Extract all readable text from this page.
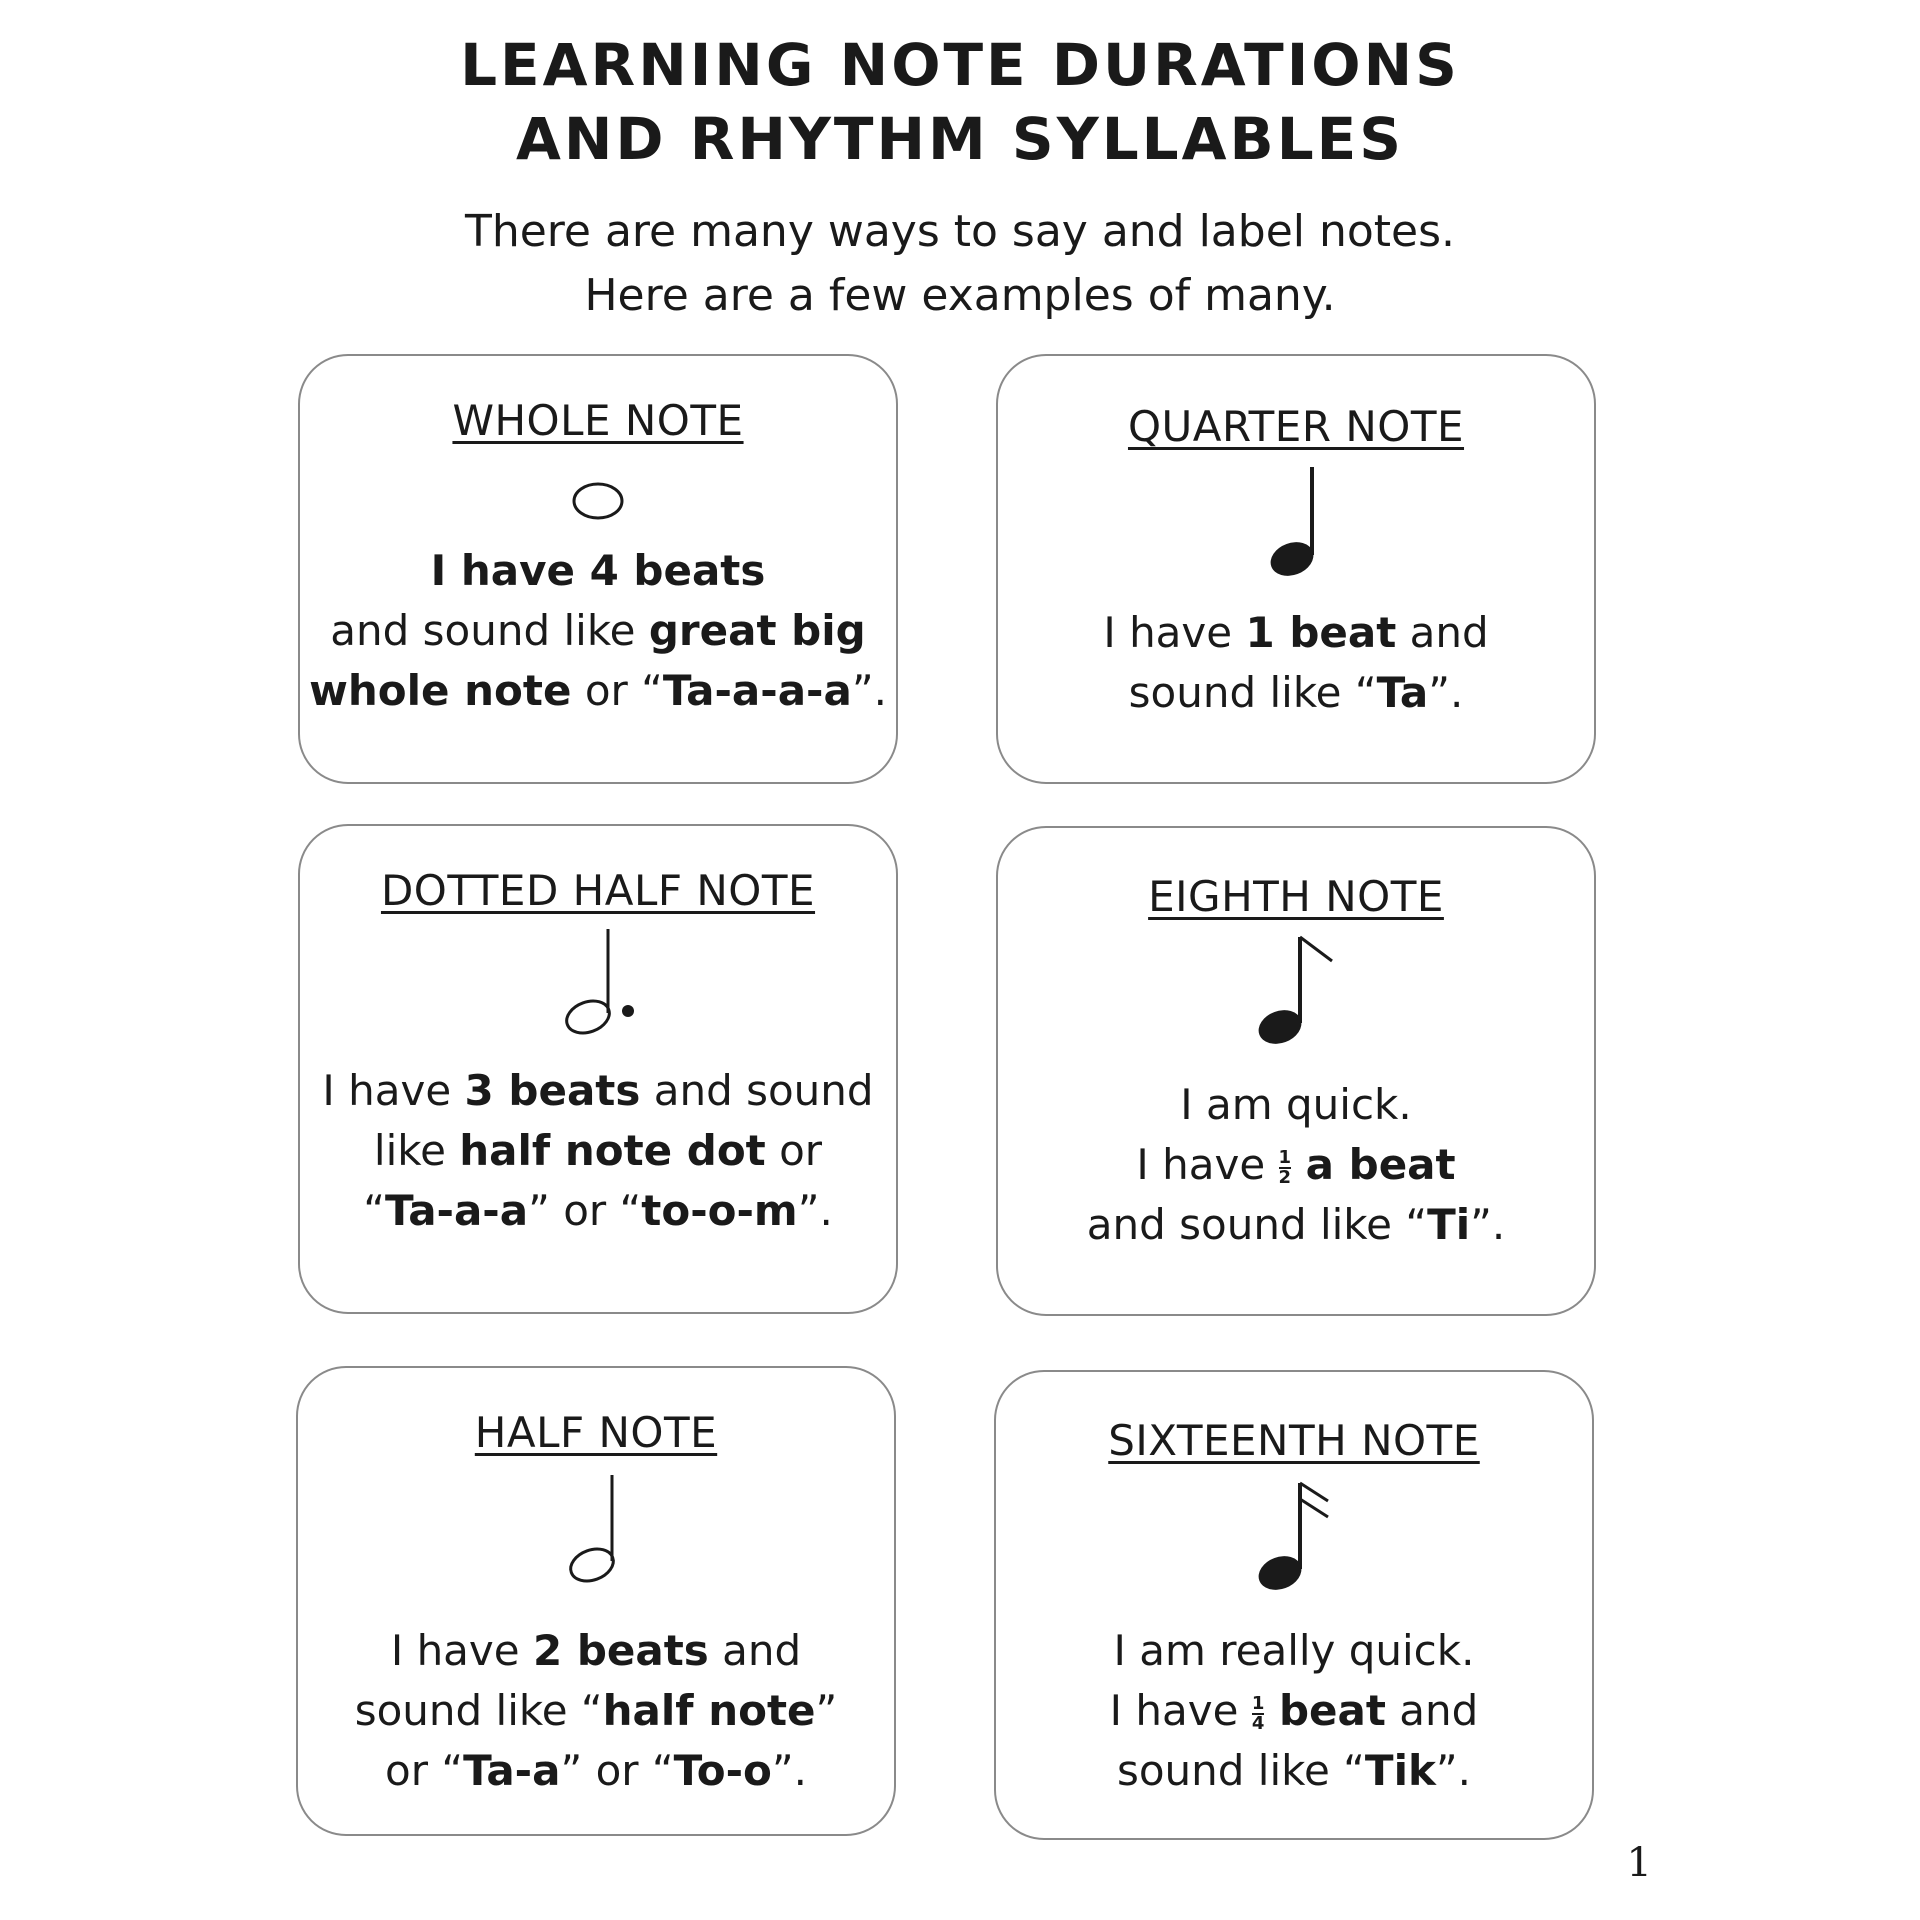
LEARNING NOTE DURATIONS
AND RHYTHM SYLLABLES
There are many ways to say and label notes.
Here are a few examples of many.
WHOLE NOTE
I have 4 beats
and sound like great big
whole note or “Ta-a-a-a”.
QUARTER NOTE
I have 1 beat and
sound like “Ta”.
DOTTED HALF NOTE
I have 3 beats and sound
like half note dot or
“Ta-a-a” or “to-o-m”.
EIGHTH NOTE
I am quick.
I have $\frac{1}{2}$ a beat
and sound like “Ti”.
HALF NOTE
I have 2 beats and
sound like “half note”
or “Ta-a” or “To-o”.
SIXTEENTH NOTE
I am really quick.
I have $\frac{1}{4}$ beat and
sound like “Tik”.
1
